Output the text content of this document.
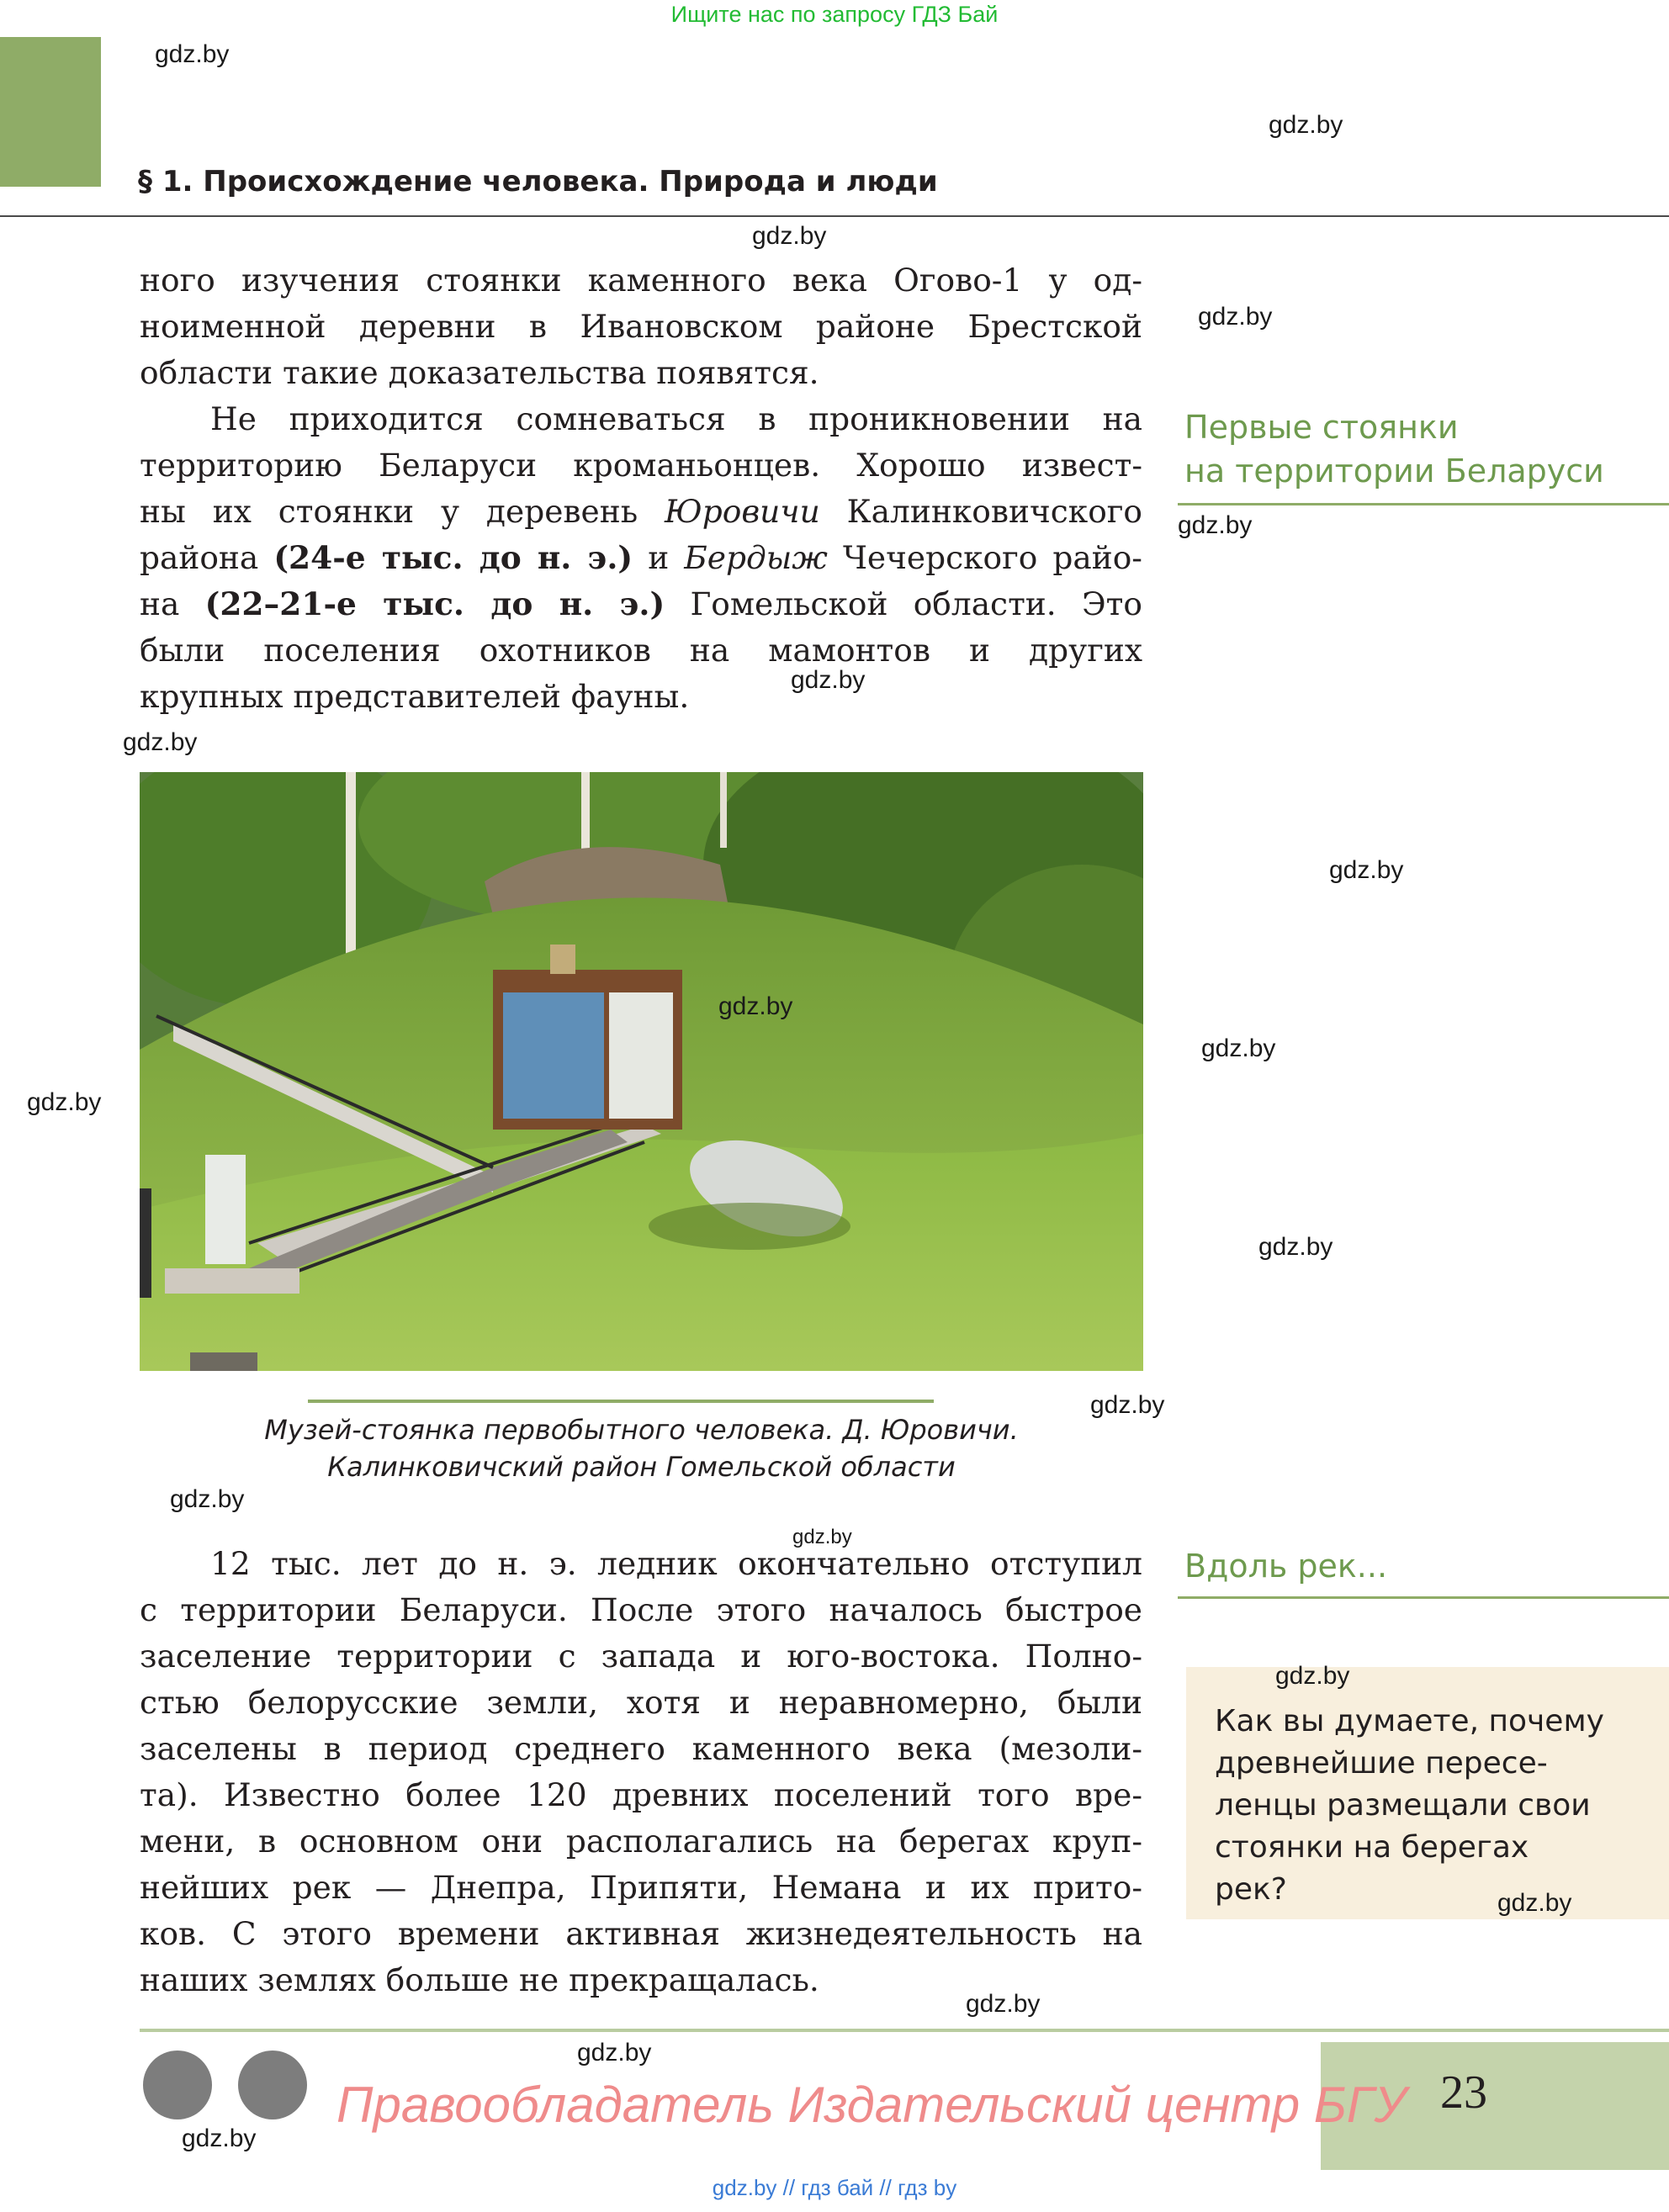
Ищите нас по запросу ГДЗ Бай
§ 1. Происхождение человека. Природа и люди
ного изучения стоянки каменного века Огово-1 у од-
ноименной деревни в Ивановском районе Брестской
области такие доказательства появятся.
Не приходится сомневаться в проникновении на
территорию Беларуси кроманьонцев. Хорошо извест-
ны их стоянки у деревень Юровичи Калинковичского
района (24-е тыс. до н. э.) и Бердыж Чечерского райо-
на (22–21-е тыс. до н. э.) Гомельской области. Это
были поселения охотников на мамонтов и других
крупных представителей фауны.
Первые стоянки
на территории Беларуси
Музей-стоянка первобытного человека. Д. Юровичи.
Калинковичский район Гомельской области
Вдоль рек...
Как вы думаете, почему
древнейшие пересе-
ленцы размещали свои
стоянки на берегах
рек?
12 тыс. лет до н. э. ледник окончательно отступил
с территории Беларуси. После этого началось быстрое
заселение территории с запада и юго-востока. Полно-
стью белорусские земли, хотя и неравномерно, были
заселены в период среднего каменного века (мезоли-
та). Известно более 120 древних поселений того вре-
мени, в основном они располагались на берегах круп-
нейших рек — Днепра, Припяти, Немана и их прито-
ков. С этого времени активная жизнедеятельность на
наших землях больше не прекращалась.
23
Правообладатель Издательский центр БГУ
gdz.by // гдз бай // гдз by
gdz.by
gdz.by
gdz.by
gdz.by
gdz.by
gdz.by
gdz.by
gdz.by
gdz.by
gdz.by
gdz.by
gdz.by
gdz.by
gdz.by
gdz.by
gdz.by
gdz.by
gdz.by
gdz.by
gdz.by
